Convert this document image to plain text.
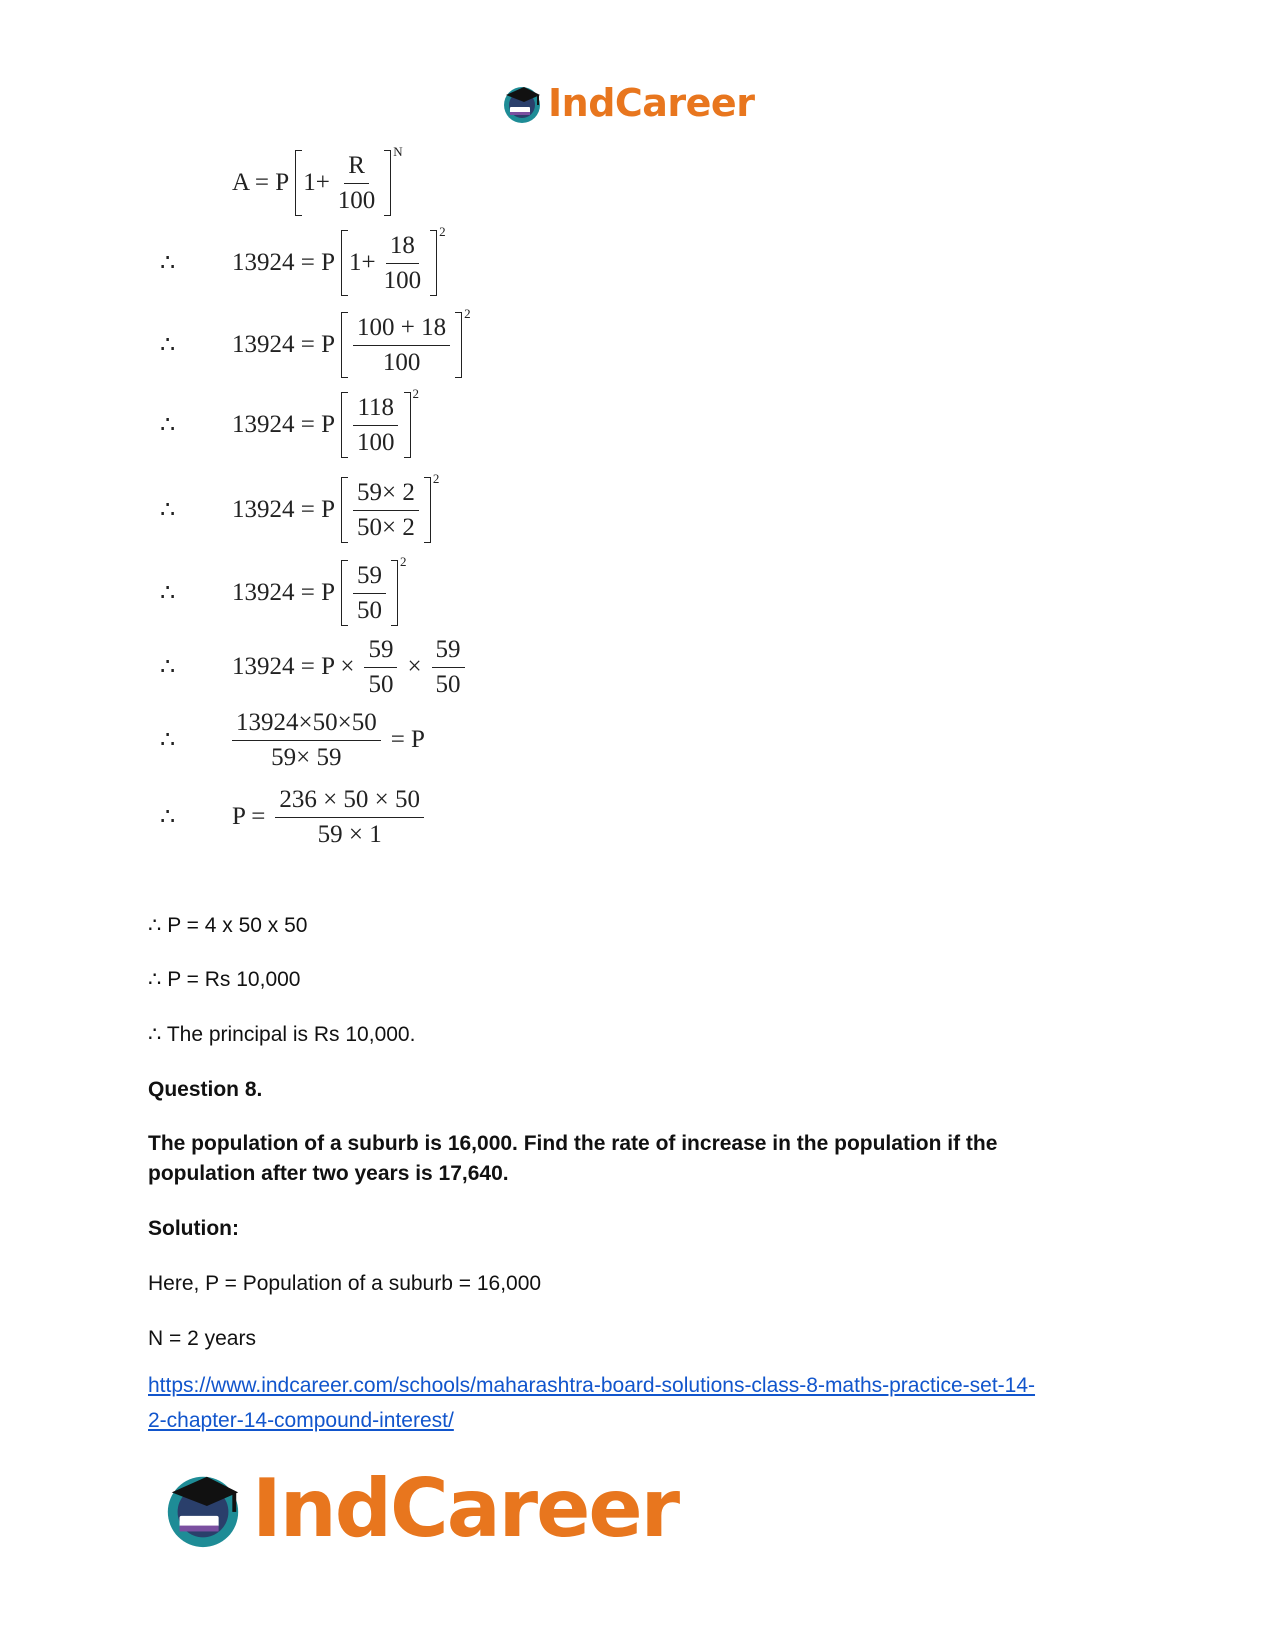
IndCareer
A = P $1+ \frac{R}{100}$
N
∴ 13924 = P $1+ \frac{18}{100}$
2
∴ 13924 = P $\frac{100 + 18}{100}$
2
∴ 13924 = P $\frac{118}{100}$
2
∴ 13924 = P $\frac{59\times 2}{50\times 2}$
2
∴ 13924 = P $\frac{59}{50}$
2
∴ $13924 = P \times \frac{59}{50} \times \frac{59}{50}$
∴ $\frac{13924\times 50\times 50}{59\times 59} = P$
∴ $P = \frac{236 \times 50 \times 50}{59 \times 1}$
∴ P = 4 x 50 x 50
∴ P = Rs 10,000
∴ The principal is Rs 10,000.
Question 8.
The population of a suburb is 16,000. Find the rate of increase in the population if the
population after two years is 17,640.
Solution:
Here, P = Population of a suburb = 16,000
N = 2 years
https://www.indcareer.com/schools/maharashtra-board-solutions-class-8-maths-practice-set-14-
2-chapter-14-compound-interest/
IndCareer
